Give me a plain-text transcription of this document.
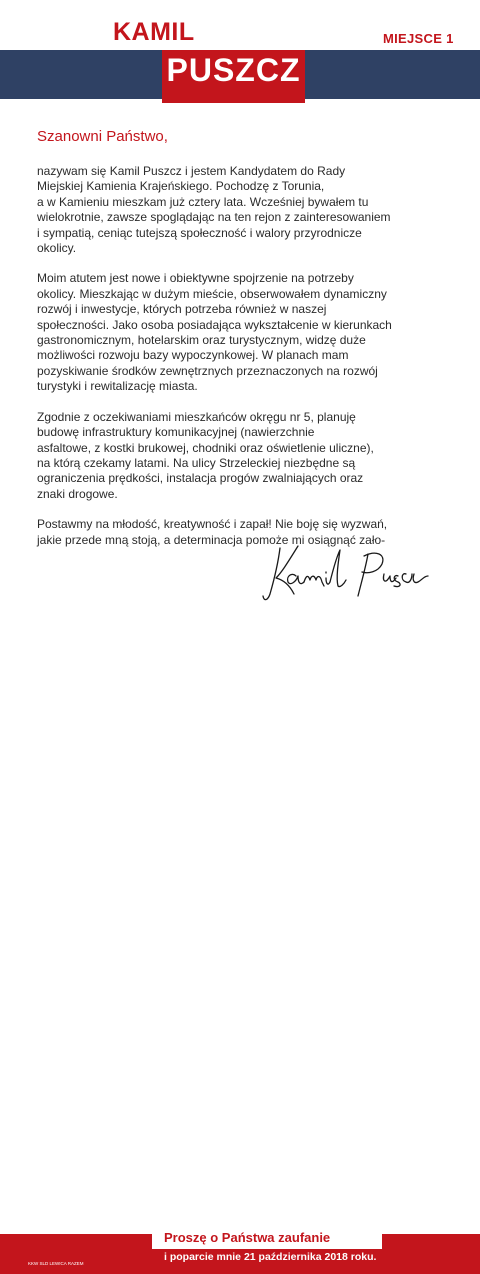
KAMIL	MIEJSCE 1
PUSZCZ
Szanowni Państwo,

nazywam się Kamil Puszcz i jestem Kandydatem do Rady
Miejskiej Kamienia Krajeńskiego. Pochodzę z Torunia,
a w Kamieniu mieszkam już cztery lata. Wcześniej bywałem tu
wielokrotnie, zawsze spoglądając na ten rejon z zainteresowaniem
i sympatią, ceniąc tutejszą społeczność i walory przyrodnicze
okolicy.

Moim atutem jest nowe i obiektywne spojrzenie na potrzeby
okolicy. Mieszkając w dużym mieście, obserwowałem dynamiczny
rozwój i inwestycje, których potrzeba również w naszej
społeczności. Jako osoba posiadająca wykształcenie w kierunkach
gastronomicznym, hotelarskim oraz turystycznym, widzę duże
możliwości rozwoju bazy wypoczynkowej. W planach mam
pozyskiwanie środków zewnętrznych przeznaczonych na rozwój
turystyki i rewitalizację miasta.

Zgodnie z oczekiwaniami mieszkańców okręgu nr 5, planuję
budowę infrastruktury komunikacyjnej (nawierzchnie
asfaltowe, z kostki brukowej, chodniki oraz oświetlenie uliczne),
na którą czekamy latami. Na ulicy Strzeleckiej niezbędne są
ograniczenia prędkości, instalacja progów zwalniających oraz
znaki drogowe.

Postawmy na młodość, kreatywność i zapał! Nie boję się wyzwań,
jakie przede mną stoją, a determinacja pomoże mi osiągnąć zało-

Proszę o Państwa zaufanie
i poparcie mnie 21 października 2018 roku.
KKW SLD LEWICA RAZEM
